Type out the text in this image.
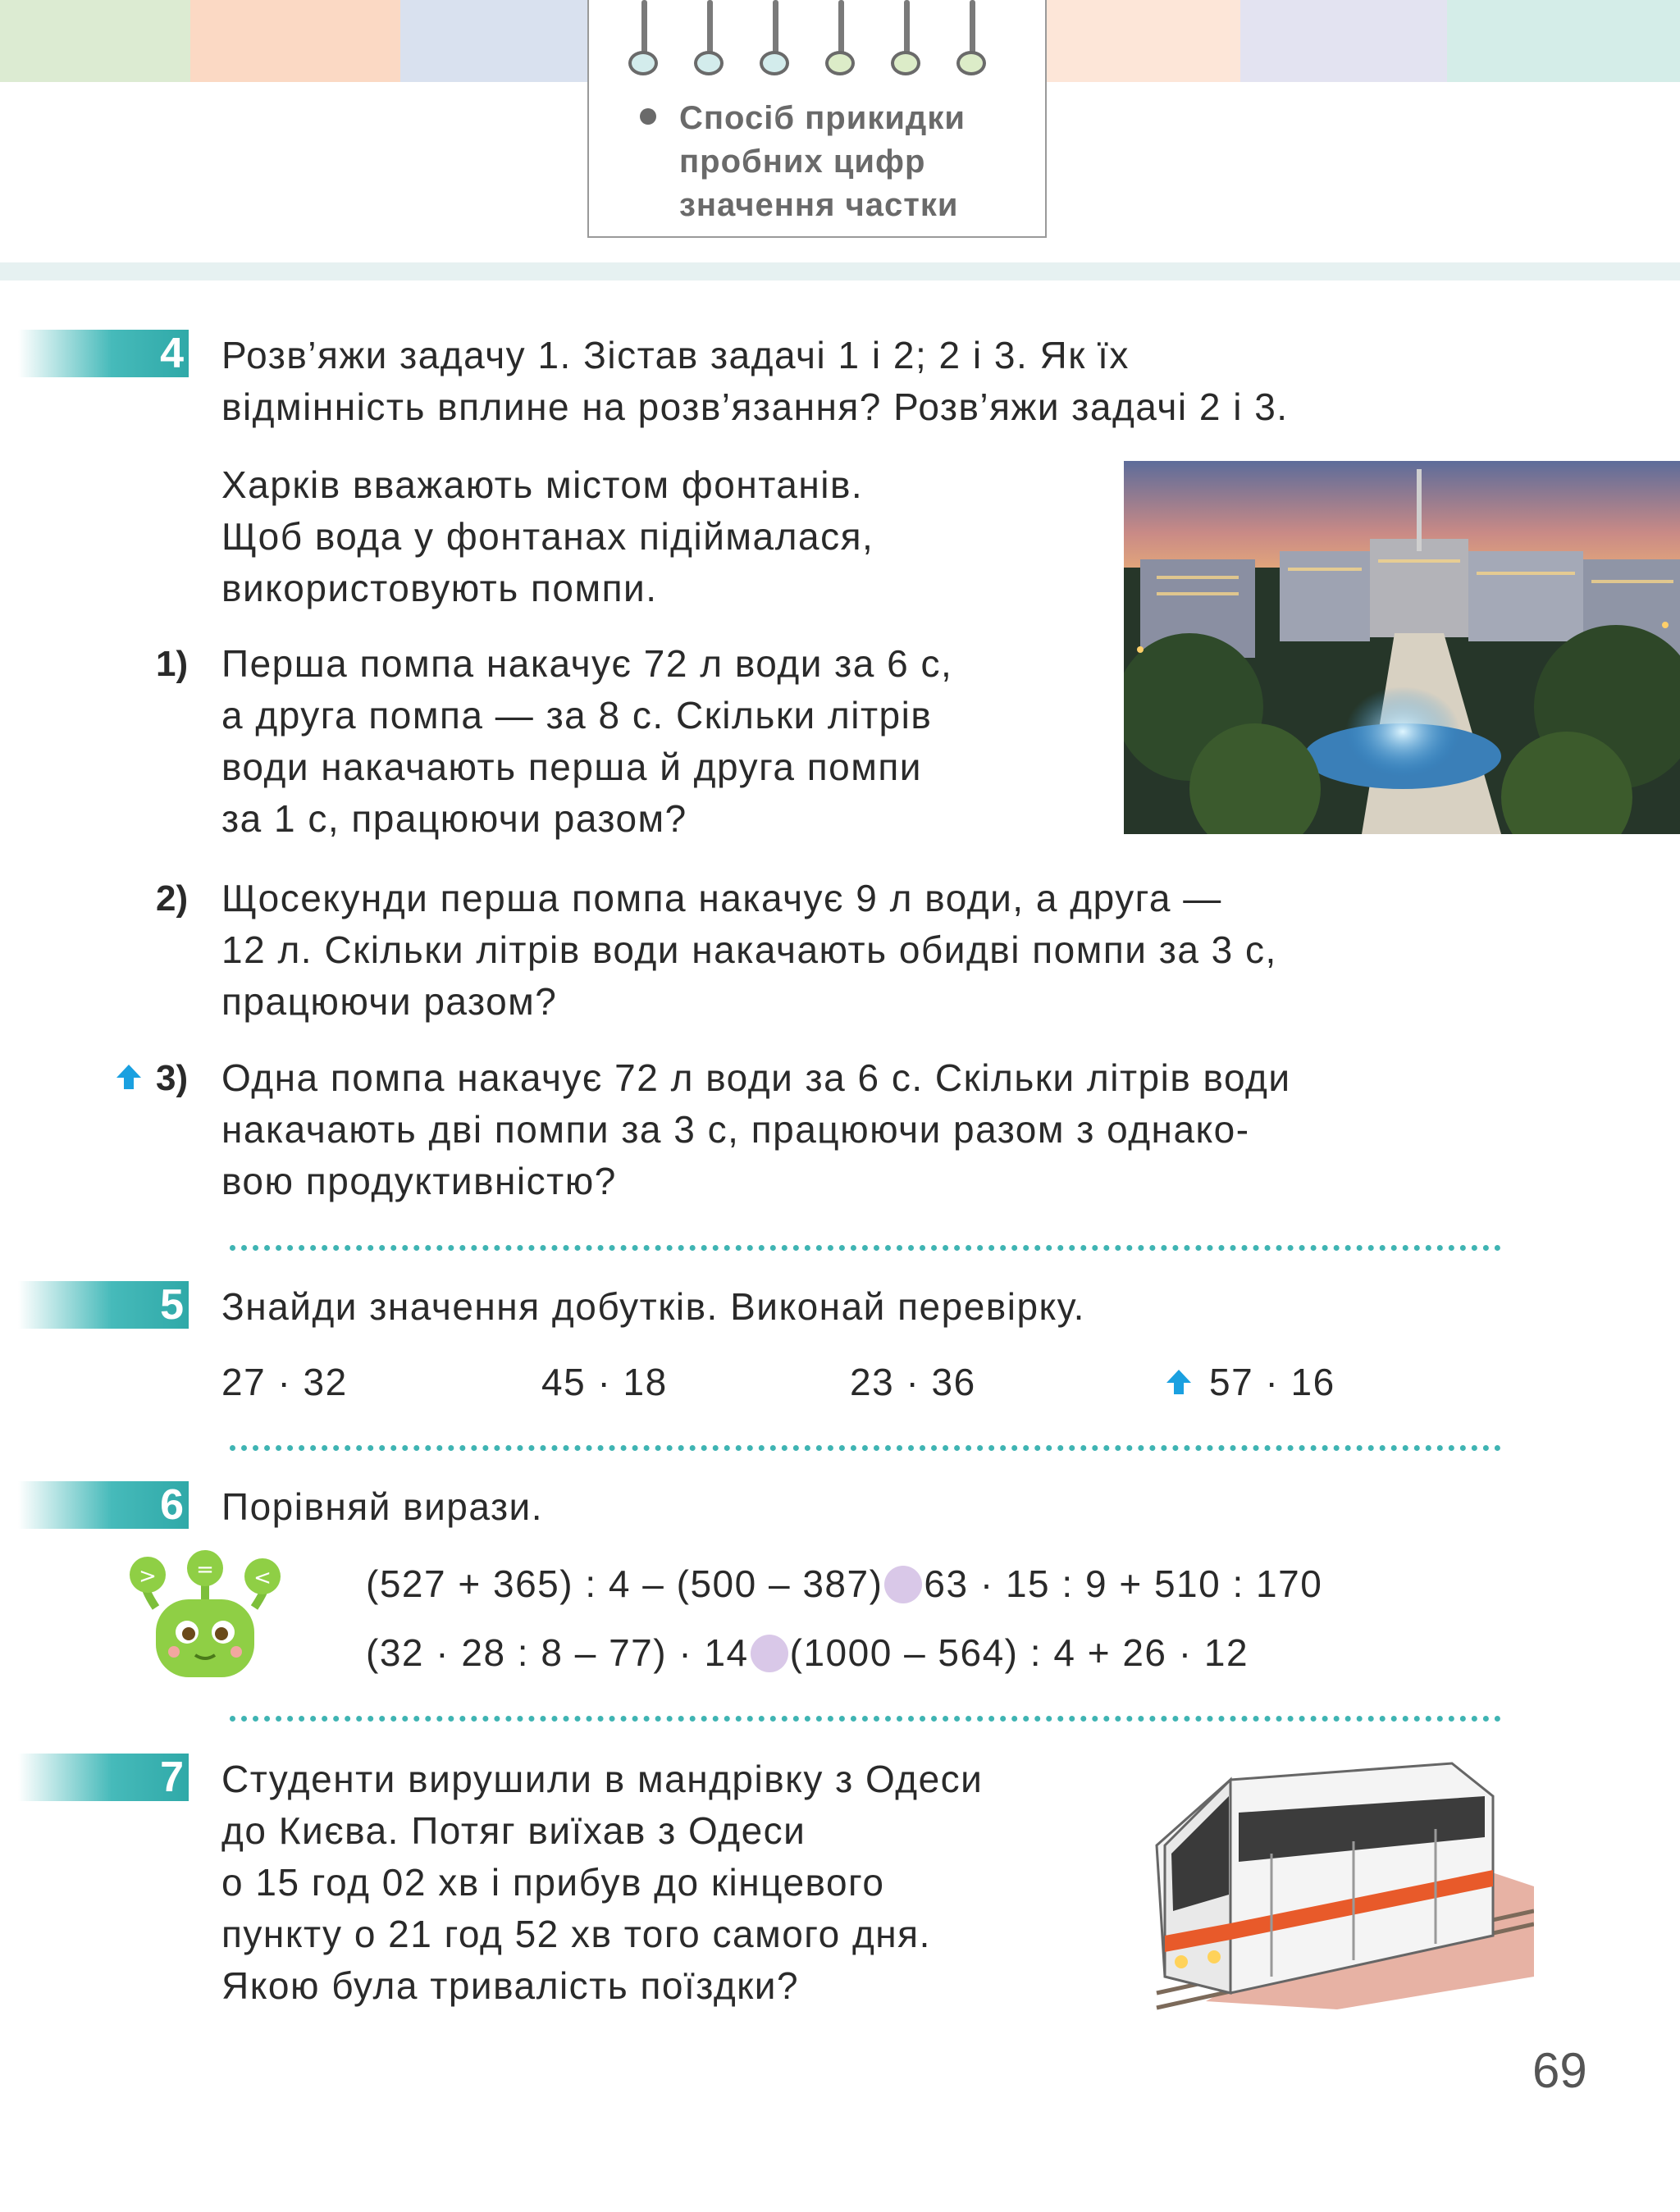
Спосіб прикидки
пробних цифр
значення частки
4 Розв’яжи задачу 1. Зістав задачі 1 і 2; 2 і 3. Як їх
відмінність вплине на розв’язання? Розв’яжи задачі 2 і 3.
Харків вважають містом фонтанів.
Щоб вода у фонтанах підіймалася,
використовують помпи.
1) Перша помпа накачує 72 л води за 6 с,
а друга помпа — за 8 с. Скільки літрів
води накачають перша й друга помпи
за 1 с, працюючи разом?
2) Щосекунди перша помпа накачує 9 л води, а друга —
12 л. Скільки літрів води накачають обидві помпи за 3 с,
працюючи разом?
3) Одна помпа накачує 72 л води за 6 с. Скільки літрів води
накачають дві помпи за 3 с, працюючи разом з однако-
вою продуктивністю?
5 Знайди значення добутків. Виконай перевірку.
27 · 32	45 · 18	23 · 36	57 · 16
6 Порівняй вирази.
> = <	(527 + 365) : 4 – (500 – 387) 63 · 15 : 9 + 510 : 170
(32 · 28 : 8 – 77) · 14 (1000 – 564) : 4 + 26 · 12
7 Студенти вирушили в мандрівку з Одеси
до Києва. Потяг виїхав з Одеси
о 15 год 02 хв і прибув до кінцевого
пункту о 21 год 52 хв того самого дня.
Якою була тривалість поїздки?
69
